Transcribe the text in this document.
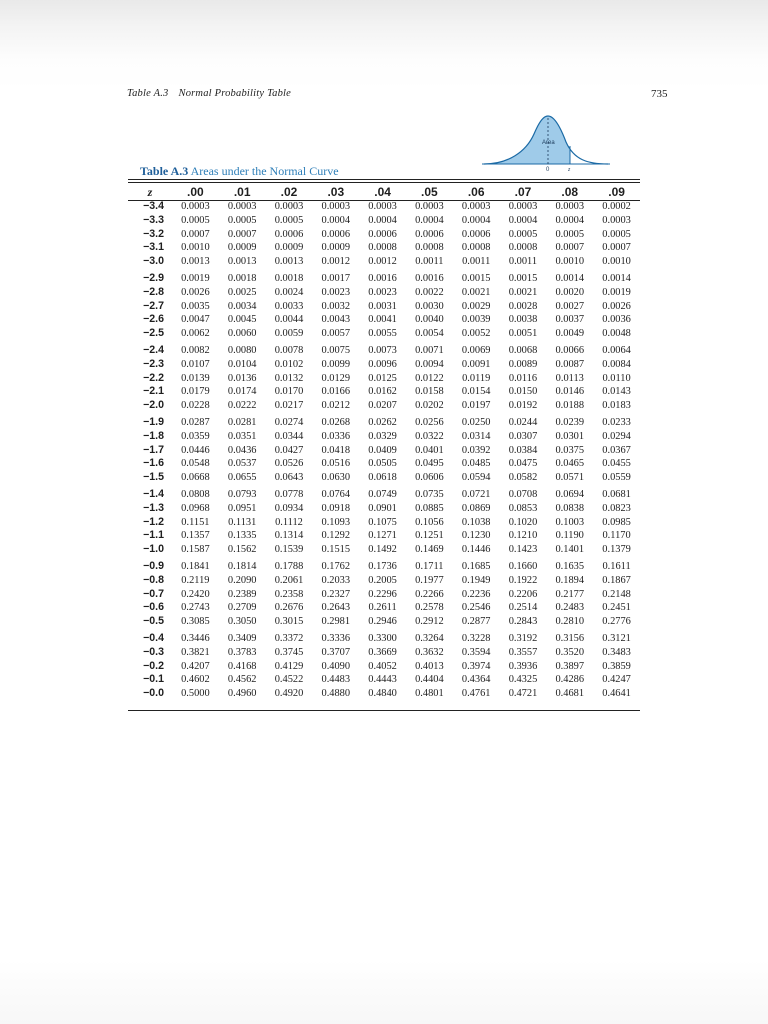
Table A.3 Normal Probability Table	735
Area
0	z
Table A.3 Areas under the Normal Curve
z	.00	.01	.02	.03	.04	.05	.06	.07	.08	.09
−3.4	0.0003	0.0003	0.0003	0.0003	0.0003	0.0003	0.0003	0.0003	0.0003	0.0002
−3.3	0.0005	0.0005	0.0005	0.0004	0.0004	0.0004	0.0004	0.0004	0.0004	0.0003
−3.2	0.0007	0.0007	0.0006	0.0006	0.0006	0.0006	0.0006	0.0005	0.0005	0.0005
−3.1	0.0010	0.0009	0.0009	0.0009	0.0008	0.0008	0.0008	0.0008	0.0007	0.0007
−3.0	0.0013	0.0013	0.0013	0.0012	0.0012	0.0011	0.0011	0.0011	0.0010	0.0010
−2.9	0.0019	0.0018	0.0018	0.0017	0.0016	0.0016	0.0015	0.0015	0.0014	0.0014
−2.8	0.0026	0.0025	0.0024	0.0023	0.0023	0.0022	0.0021	0.0021	0.0020	0.0019
−2.7	0.0035	0.0034	0.0033	0.0032	0.0031	0.0030	0.0029	0.0028	0.0027	0.0026
−2.6	0.0047	0.0045	0.0044	0.0043	0.0041	0.0040	0.0039	0.0038	0.0037	0.0036
−2.5	0.0062	0.0060	0.0059	0.0057	0.0055	0.0054	0.0052	0.0051	0.0049	0.0048
−2.4	0.0082	0.0080	0.0078	0.0075	0.0073	0.0071	0.0069	0.0068	0.0066	0.0064
−2.3	0.0107	0.0104	0.0102	0.0099	0.0096	0.0094	0.0091	0.0089	0.0087	0.0084
−2.2	0.0139	0.0136	0.0132	0.0129	0.0125	0.0122	0.0119	0.0116	0.0113	0.0110
−2.1	0.0179	0.0174	0.0170	0.0166	0.0162	0.0158	0.0154	0.0150	0.0146	0.0143
−2.0	0.0228	0.0222	0.0217	0.0212	0.0207	0.0202	0.0197	0.0192	0.0188	0.0183
−1.9	0.0287	0.0281	0.0274	0.0268	0.0262	0.0256	0.0250	0.0244	0.0239	0.0233
−1.8	0.0359	0.0351	0.0344	0.0336	0.0329	0.0322	0.0314	0.0307	0.0301	0.0294
−1.7	0.0446	0.0436	0.0427	0.0418	0.0409	0.0401	0.0392	0.0384	0.0375	0.0367
−1.6	0.0548	0.0537	0.0526	0.0516	0.0505	0.0495	0.0485	0.0475	0.0465	0.0455
−1.5	0.0668	0.0655	0.0643	0.0630	0.0618	0.0606	0.0594	0.0582	0.0571	0.0559
−1.4	0.0808	0.0793	0.0778	0.0764	0.0749	0.0735	0.0721	0.0708	0.0694	0.0681
−1.3	0.0968	0.0951	0.0934	0.0918	0.0901	0.0885	0.0869	0.0853	0.0838	0.0823
−1.2	0.1151	0.1131	0.1112	0.1093	0.1075	0.1056	0.1038	0.1020	0.1003	0.0985
−1.1	0.1357	0.1335	0.1314	0.1292	0.1271	0.1251	0.1230	0.1210	0.1190	0.1170
−1.0	0.1587	0.1562	0.1539	0.1515	0.1492	0.1469	0.1446	0.1423	0.1401	0.1379
−0.9	0.1841	0.1814	0.1788	0.1762	0.1736	0.1711	0.1685	0.1660	0.1635	0.1611
−0.8	0.2119	0.2090	0.2061	0.2033	0.2005	0.1977	0.1949	0.1922	0.1894	0.1867
−0.7	0.2420	0.2389	0.2358	0.2327	0.2296	0.2266	0.2236	0.2206	0.2177	0.2148
−0.6	0.2743	0.2709	0.2676	0.2643	0.2611	0.2578	0.2546	0.2514	0.2483	0.2451
−0.5	0.3085	0.3050	0.3015	0.2981	0.2946	0.2912	0.2877	0.2843	0.2810	0.2776
−0.4	0.3446	0.3409	0.3372	0.3336	0.3300	0.3264	0.3228	0.3192	0.3156	0.3121
−0.3	0.3821	0.3783	0.3745	0.3707	0.3669	0.3632	0.3594	0.3557	0.3520	0.3483
−0.2	0.4207	0.4168	0.4129	0.4090	0.4052	0.4013	0.3974	0.3936	0.3897	0.3859
−0.1	0.4602	0.4562	0.4522	0.4483	0.4443	0.4404	0.4364	0.4325	0.4286	0.4247
−0.0	0.5000	0.4960	0.4920	0.4880	0.4840	0.4801	0.4761	0.4721	0.4681	0.4641
